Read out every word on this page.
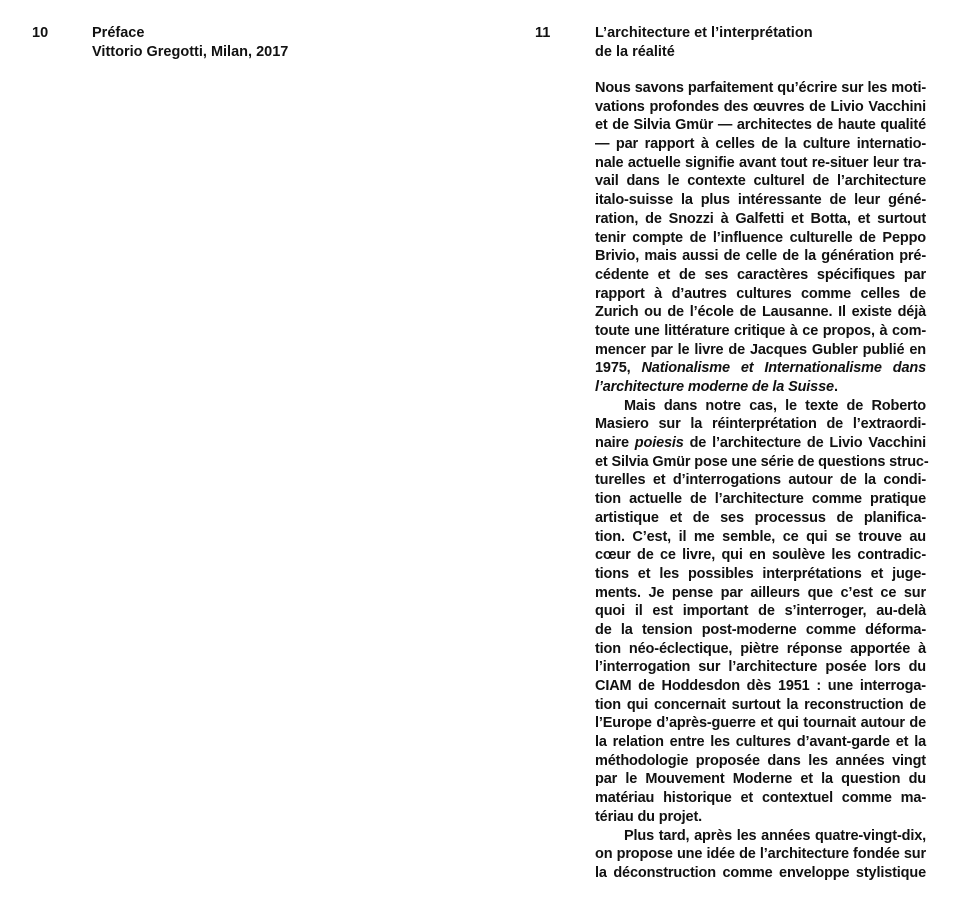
10	Préface
Vittorio Gregotti, Milan, 2017
11	L’architecture et l’interprétation
de la réalité
Nous savons parfaitement qu’écrire sur les moti-
vations profondes des œuvres de Livio Vacchini
et de Silvia Gmür — architectes de haute qualité
— par rapport à celles de la culture internatio-
nale actuelle signifie avant tout re-situer leur tra-
vail dans le contexte culturel de l’architecture
italo-suisse la plus intéressante de leur géné-
ration, de Snozzi à Galfetti et Botta, et surtout
tenir compte de l’influence culturelle de Peppo
Brivio, mais aussi de celle de la génération pré-
cédente et de ses caractères spécifiques par
rapport à d’autres cultures comme celles de
Zurich ou de l’école de Lausanne. Il existe déjà
toute une littérature critique à ce propos, à com-
mencer par le livre de Jacques Gubler publié en
1975, Nationalisme et Internationalisme dans
l’architecture moderne de la Suisse.
Mais dans notre cas, le texte de Roberto
Masiero sur la réinterprétation de l’extraordi-
naire poiesis de l’architecture de Livio Vacchini
et Silvia Gmür pose une série de questions struc-
turelles et d’interrogations autour de la condi-
tion actuelle de l’architecture comme pratique
artistique et de ses processus de planifica-
tion. C’est, il me semble, ce qui se trouve au
cœur de ce livre, qui en soulève les contradic-
tions et les possibles interprétations et juge-
ments. Je pense par ailleurs que c’est ce sur
quoi il est important de s’interroger, au-delà
de la tension post-moderne comme déforma-
tion néo-éclectique, piètre réponse apportée à
l’interrogation sur l’architecture posée lors du
CIAM de Hoddesdon dès 1951 : une interroga-
tion qui concernait surtout la reconstruction de
l’Europe d’après-guerre et qui tournait autour de
la relation entre les cultures d’avant-garde et la
méthodologie proposée dans les années vingt
par le Mouvement Moderne et la question du
matériau historique et contextuel comme ma-
tériau du projet.
Plus tard, après les années quatre-vingt-dix,
on propose une idée de l’architecture fondée sur
la déconstruction comme enveloppe stylistique
